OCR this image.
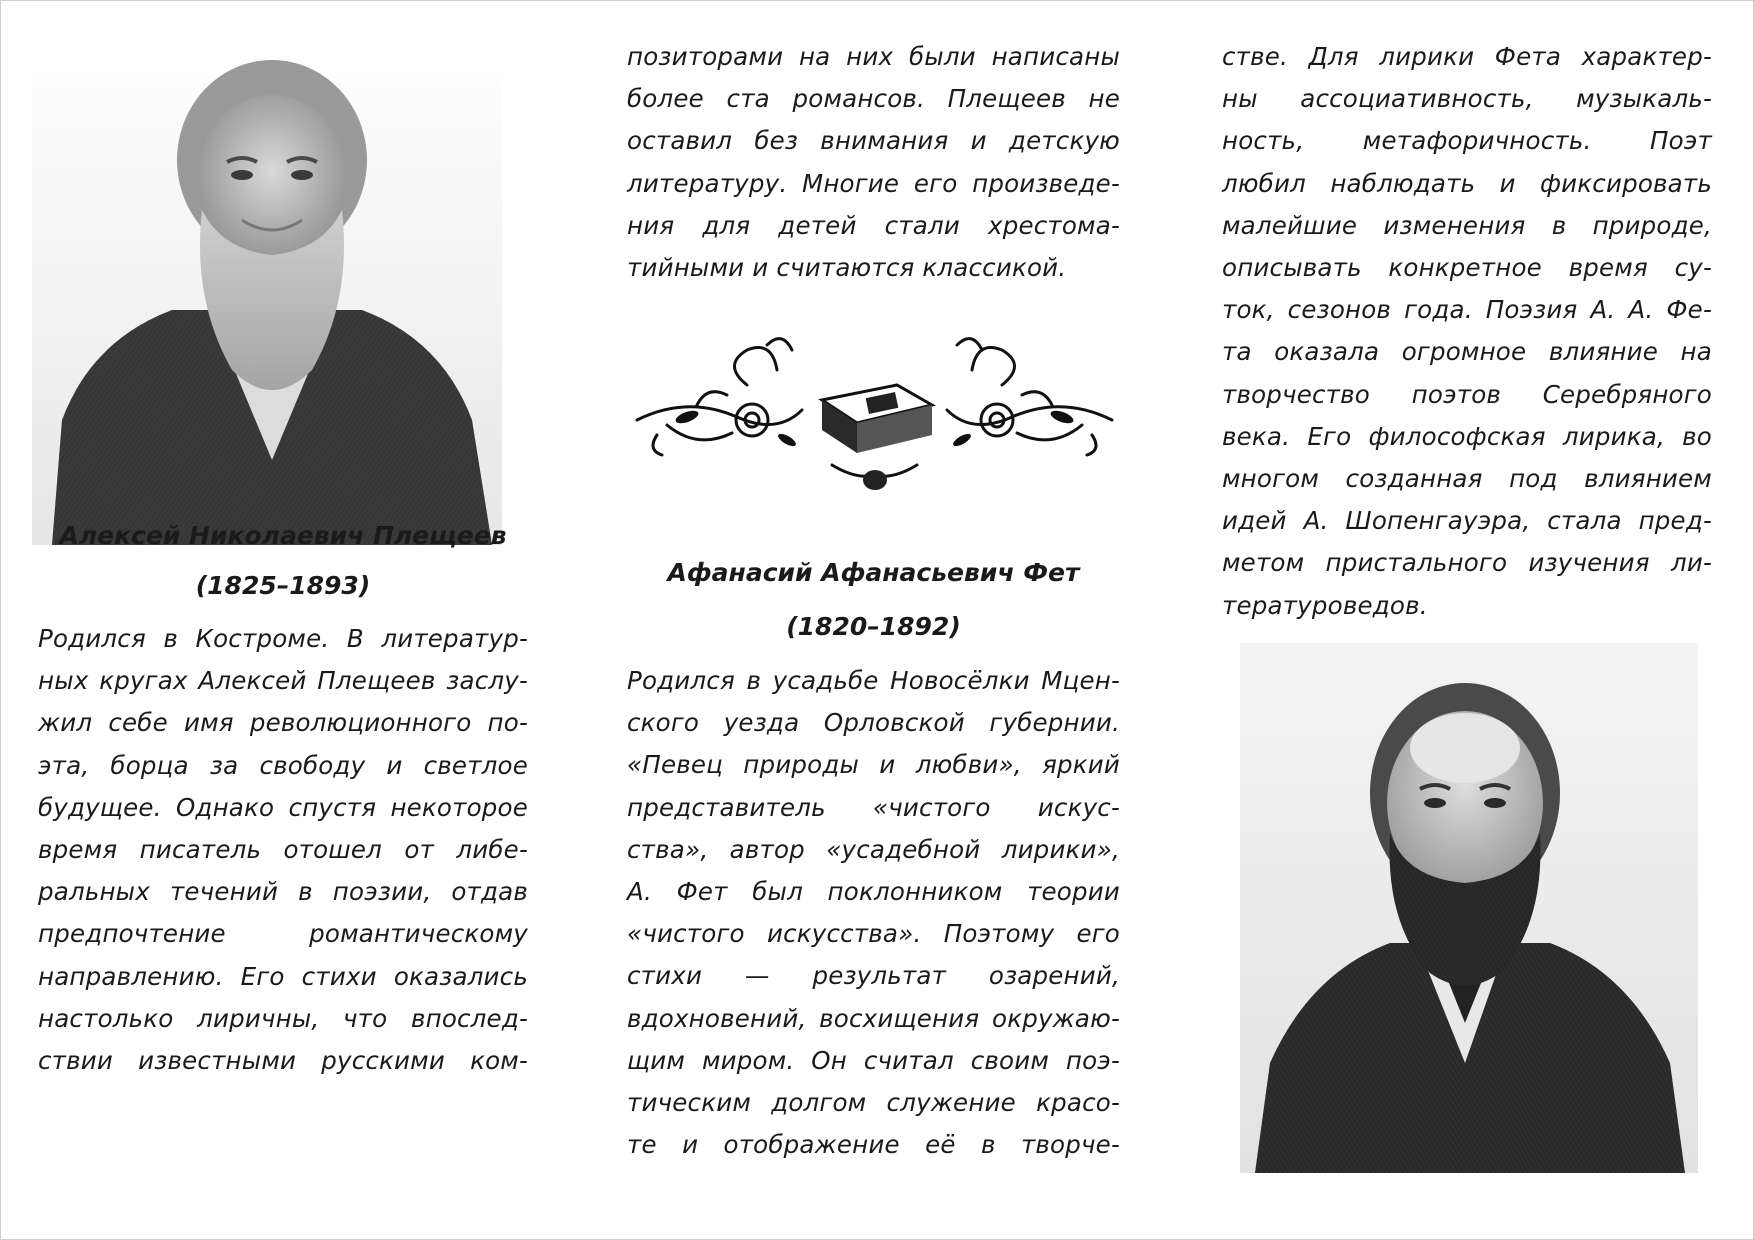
Алексей Николаевич Плещеев

(1825–1893)

Родился в Костроме. В литератур-
ных кругах Алексей Плещеев заслу-
жил себе имя революционного по-
эта, борца за свободу и светлое
будущее. Однако спустя некоторое
время писатель отошел от либе-
ральных течений в поэзии, отдав
предпочтение романтическому
направлению. Его стихи оказались
настолько лиричны, что впослед-
ствии известными русскими ком-
позиторами на них были написаны
более ста романсов. Плещеев не
оставил без внимания и детскую
литературу. Многие его произведе-
ния для детей стали хрестома-
тийными и считаются классикой.

Афанасий Афанасьевич Фет

(1820–1892)

Родился в усадьбе Новосёлки Мцен-
ского уезда Орловской губернии.
«Певец природы и любви», яркий
представитель «чистого искус-
ства», автор «усадебной лирики»,
А. Фет был поклонником теории
«чистого искусства». Поэтому его
стихи — результат озарений,
вдохновений, восхищения окружаю-
щим миром. Он считал своим поэ-
тическим долгом служение красо-
те и отображение её в творче-
стве. Для лирики Фета характер-
ны ассоциативность, музыкаль-
ность, метафоричность. Поэт
любил наблюдать и фиксировать
малейшие изменения в природе,
описывать конкретное время су-
ток, сезонов года. Поэзия А. А. Фе-
та оказала огромное влияние на
творчество поэтов Серебряного
века. Его философская лирика, во
многом созданная под влиянием
идей А. Шопенгауэра, стала пред-
метом пристального изучения ли-
тературоведов.
